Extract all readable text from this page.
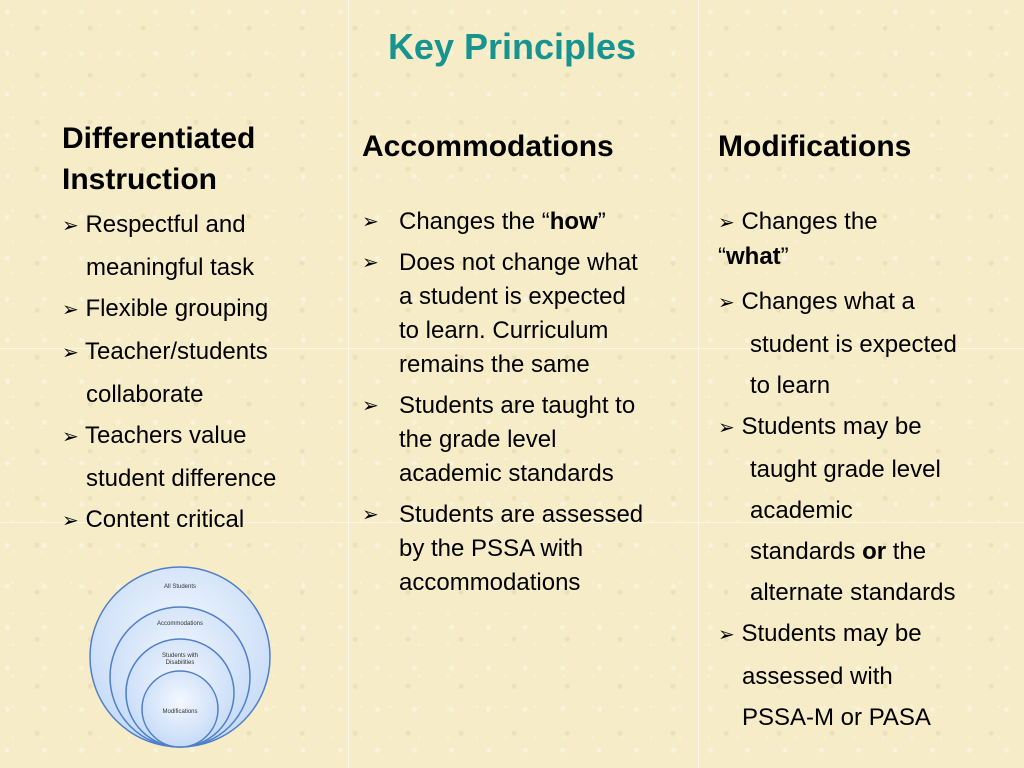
Key Principles
Differentiated
Instruction
➢ Respectful and
meaningful task
➢ Flexible grouping
➢ Teacher/students
collaborate
➢ Teachers value
student difference
➢ Content critical
Accommodations
➢ Changes the “how”
➢ Does not change what a student is expected to learn. Curriculum remains the same
➢ Students are taught to the grade level academic standards
➢ Students are assessed by the PSSA with accommodations
Modifications
➢ Changes the
“what”
➢ Changes what a
student is expected
to learn
➢ Students may be
taught grade level
academic
standards or the
alternate standards
➢ Students may be
assessed with
PSSA-M or PASA
All Students
Accommodations
Students with
Disabilities
Modifications
